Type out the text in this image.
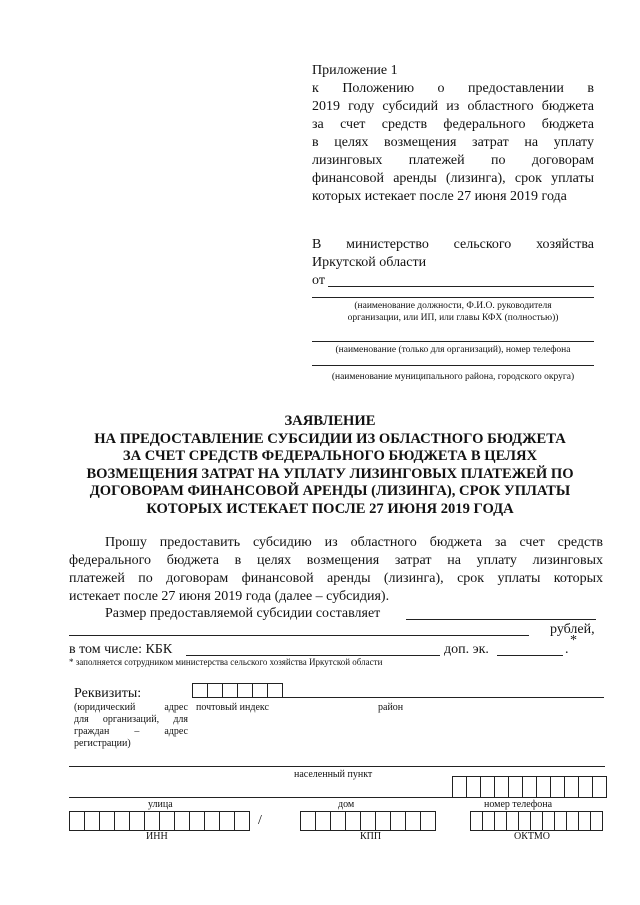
Приложение 1
к Положению о предоставлении в
2019 году субсидий из областного бюджета
за счет средств федерального бюджета
в целях возмещения затрат на уплату
лизинговых платежей по договорам
финансовой аренды (лизинга), срок уплаты
которых истекает после 27 июня 2019 года
В министерство сельского хозяйства
Иркутской области
от
(наименование должности, Ф.И.О. руководителя
организации, или ИП, или главы КФХ (полностью))
(наименование (только для организаций), номер телефона
(наименование муниципального района, городского округа)
ЗАЯВЛЕНИЕ
НА ПРЕДОСТАВЛЕНИЕ СУБСИДИИ ИЗ ОБЛАСТНОГО БЮДЖЕТА
ЗА СЧЕТ СРЕДСТВ ФЕДЕРАЛЬНОГО БЮДЖЕТА В ЦЕЛЯХ
ВОЗМЕЩЕНИЯ ЗАТРАТ НА УПЛАТУ ЛИЗИНГОВЫХ ПЛАТЕЖЕЙ ПО
ДОГОВОРАМ ФИНАНСОВОЙ АРЕНДЫ (ЛИЗИНГА), СРОК УПЛАТЫ
КОТОРЫХ ИСТЕКАЕТ ПОСЛЕ 27 ИЮНЯ 2019 ГОДА
Прошу предоставить субсидию из областного бюджета за счет средств
федерального бюджета в целях возмещения затрат на уплату лизинговых
платежей по договорам финансовой аренды (лизинга), срок уплаты которых
истекает после 27 июня 2019 года (далее – субсидия).
Размер предоставляемой субсидии составляет
рублей,
в том числе: КБК	доп. эк.	.
*
* заполняется сотрудником министерства сельского хозяйства Иркутской области
Реквизиты:
(юридический адрес
для организаций, для
граждан – адрес
регистрации)
почтовый индекс	район
населенный пункт
улица	дом	номер телефона
/
ИНН	КПП	ОКТМО
